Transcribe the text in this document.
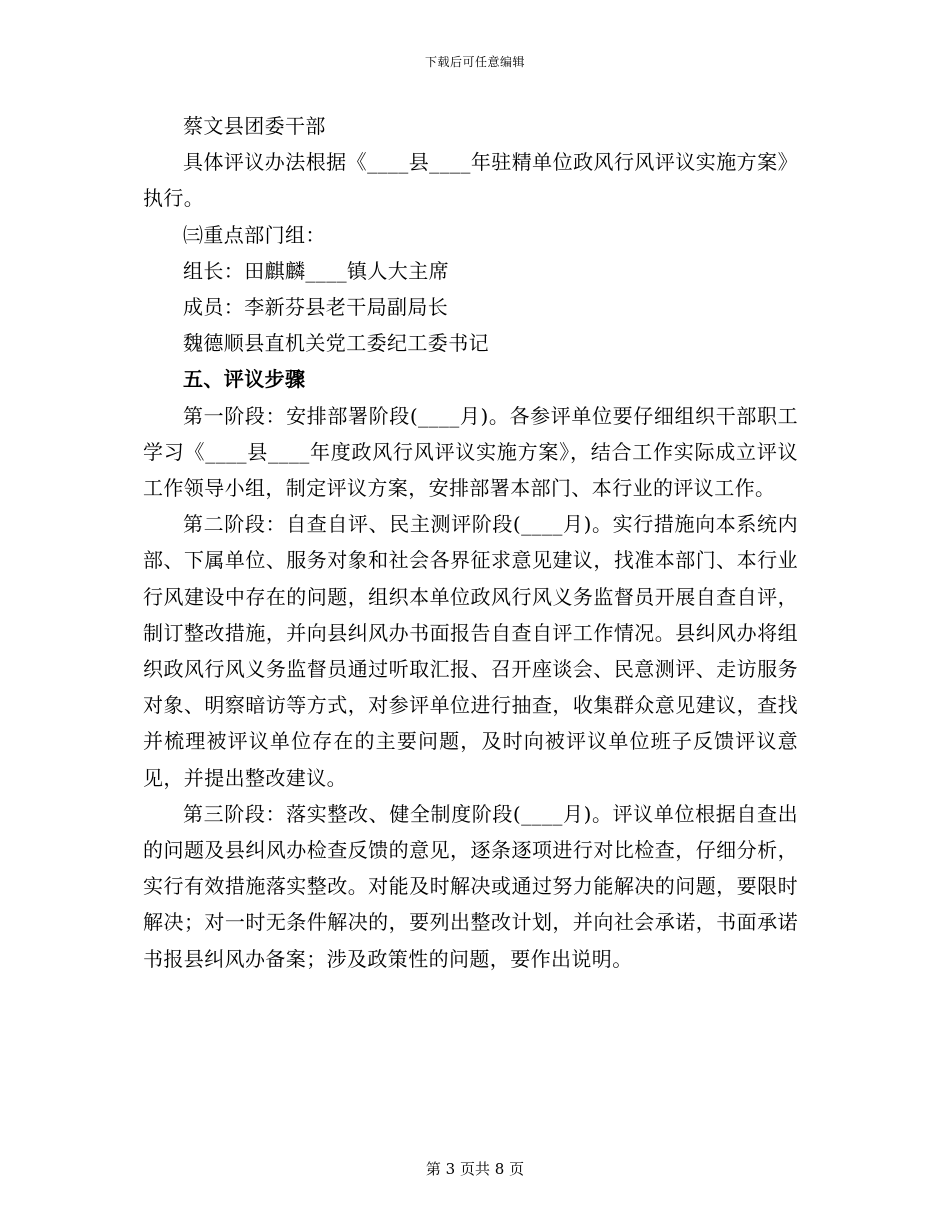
下载后可任意编辑

蔡文县团委干部

具体评议办法根据《____县____年驻精单位政风行风评议实施方案》执行。

㈢重点部门组：

组长：田麒麟____镇人大主席

成员：李新芬县老干局副局长

魏德顺县直机关党工委纪工委书记

五、评议步骤

第一阶段：安排部署阶段(____月)。各参评单位要仔细组织干部职工学习《____县____年度政风行风评议实施方案》，结合工作实际成立评议工作领导小组，制定评议方案，安排部署本部门、本行业的评议工作。

第二阶段：自查自评、民主测评阶段(____月)。实行措施向本系统内部、下属单位、服务对象和社会各界征求意见建议，找准本部门、本行业行风建设中存在的问题，组织本单位政风行风义务监督员开展自查自评，制订整改措施，并向县纠风办书面报告自查自评工作情况。县纠风办将组织政风行风义务监督员通过听取汇报、召开座谈会、民意测评、走访服务对象、明察暗访等方式，对参评单位进行抽查，收集群众意见建议，查找并梳理被评议单位存在的主要问题，及时向被评议单位班子反馈评议意见，并提出整改建议。

第三阶段：落实整改、健全制度阶段(____月)。评议单位根据自查出的问题及县纠风办检查反馈的意见，逐条逐项进行对比检查，仔细分析，实行有效措施落实整改。对能及时解决或通过努力能解决的问题，要限时解决；对一时无条件解决的，要列出整改计划，并向社会承诺，书面承诺书报县纠风办备案；涉及政策性的问题，要作出说明。

第 3 页共 8 页
